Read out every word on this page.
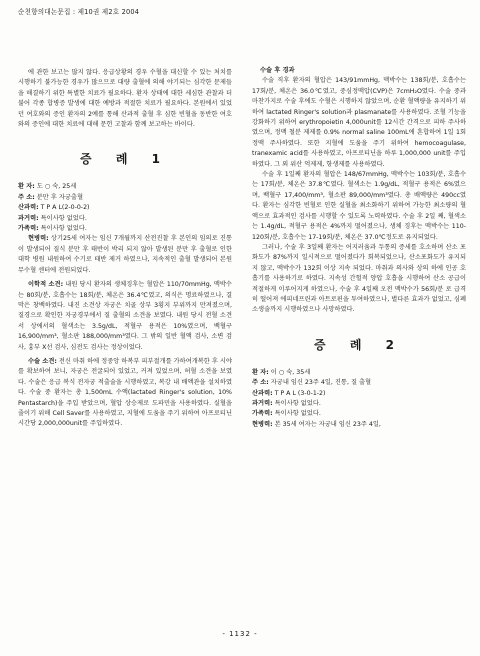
순천향의대논문집 : 제10권 제2호 2004

에 관한 보고는 많지 않다. 응급상황의 경우 수혈을 대신할 수 있는 처치를 시행하기 불가능한 경우가 많으므로 대량 출혈에 의해 야기되는 심각한 문제들을 해결하기 위한 특별한 치료가 필요하다. 환자 상태에 대한 세심한 관찰과 더불어 각종 합병증 발생에 대한 예방과 적절한 치료가 필요하다. 본원에서 있었던 여호와의 증인 환자의 2예를 통해 산과적 출혈 후 심한 빈혈을 동반한 여호와의 증인에 대한 치료에 대해 문헌 고찰과 함께 보고하는 바이다.

증 례 1

환 자: 도 ○ 숙, 25세

주 소: 분만 후 자궁출혈

산과력: T P A L(2-0-0-2)

과거력: 특이사항 없었다.

가족력: 특이사항 없었다.

현병력: 상기25세 여자는 임신 7개월까지 산전진찰 후 본인의 임의로 진통이 발생되어 질식 분만 후 태반이 박리 되지 않아 발생된 분만 후 출혈로 인한 대학 병원 내원하여 수기로 태반 제거 하였으나, 지속적인 출혈 발생되어 본원 무수혈 센터에 전원되었다.

이학적 소견: 내원 당시 환자의 생체징후는 혈압은 110/70mmHg, 맥박수는 80회/분, 호흡수는 18회/분, 체온은 36.4℃였고, 의식은 명료하였으나, 결막은 창백하였다. 내진 소견상 자궁은 치골 상부 3횡지 부위까지 만져졌으며, 질경으로 확인한 자궁경부에서 질 출혈의 소견을 보였다. 내원 당시 전혈 소견서 상에서의 혈색소는 3.5g/dL, 적혈구 용적은 10%였으며, 백혈구 16,900/mm³, 혈소판 188,000/mm³였다. 그 밖의 일반 혈액 검사, 소변 검사, 흉부 X선 검사, 심전도 검사는 정상이었다.

수술 소견: 전신 마취 하에 정중앙 하복부 피부절개를 가하여개복한 후 시야를 확보하여 보니, 자궁은 전굴되어 있었고, 커져 있었으며, 허혈 소견을 보였다. 수술은 응급 복식 전자궁 적출술을 시행하였고, 복강 내 배액관을 설치하였다. 수술 중 환자는 총 1,500mL 수액(lactated Ringer's solution, 10% Pentastarch)을 주입 받았으며, 혈압 상승제로 도파민을 사용하였다. 실혈을 줄이기 위해 Cell Saver를 사용하였고, 지혈에 도움을 주기 위하여 아프로티닌 시간당 2,000,000unit를 주입하였다.

수술 후 경과

수술 직후 환자의 혈압은 143/91mmHg, 맥박수는 138회/분, 호흡수는 17회/분, 체온은 36.0℃였고, 중심정맥압(CVP)은 7cmH₂O였다. 수술 중과 마찬가지로 수술 후에도 수혈은 시행하지 않았으며, 순환 혈액량을 유지하기 위하여 lactated Ringer's solution과 plasmanate를 사용하였다. 조혈 기능을 강화하기 위하여 erythropoietin 4,000unit를 12시간 간격으로 피하 주사하였으며, 정맥 철분 제제를 0.9% normal saline 100mL에 혼합하여 1일 1회 정맥 주사하였다. 또한 지혈에 도움을 주기 위하여 hemocoagulase, tranexamic acid를 사용하였고, 아프로티닌을 하루 1,000,000 unit를 주입하였다. 그 외 위산 억제제, 항생제를 사용하였다.

수술 후 1일째 환자의 혈압은 148/67mmHg, 맥박수는 103회/분, 호흡수는 17회/분, 체온은 37.8℃였다. 혈색소는 1.9g/dL, 적혈구 용적은 6%였으며, 백혈구 17,400/mm³, 혈소판 89,000/mm³였다. 총 배액량은 490cc였다. 환자는 심각한 빈혈로 인한 실혈을 최소화하기 위하여 가능한 최소량의 혈액으로 효과적인 검사를 시행할 수 있도록 노력하였다. 수술 후 2일 째, 혈색소는 1.4g/dL, 적혈구 용적은 4%까지 떨어졌으나, 생체 징후는 맥박수는 110-120회/분, 호흡수는 17-19회/분, 체온은 37.0℃정도로 유지되었다.

그러나, 수술 후 3일째 환자는 어지러움과 두통의 증세를 호소하며 산소 포화도가 87%까지 일시적으로 떨어졌다가 회복되었으나, 산소포화도가 유지되지 않고, 맥박수가 132회 이상 지속 되었다. 마취과 의사와 상의 하에 인공 호흡기를 사용하기로 하였다. 지속성 간헐적 양압 호흡을 시행하여 산소 공급이 적절하게 이루어지게 하였으나, 수술 후 4일째 오전 맥박수가 56회/분 로 급격히 떨어져 에피네프린과 아트로핀을 투여하였으나, 별다른 효과가 없었고, 심폐소생술까지 시행하였으나 사망하였다.

증 례 2

환 자: 이 ○ 숙, 35세

주 소: 자궁내 임신 23주 4일, 진통, 질 출혈

산과력: T P A L (3-0-1-2)

과거력: 특이사항 없었다.

가족력: 특이사항 없었다.

현병력: 본 35세 여자는 자궁내 임신 23주 4일,

- 1132 -
